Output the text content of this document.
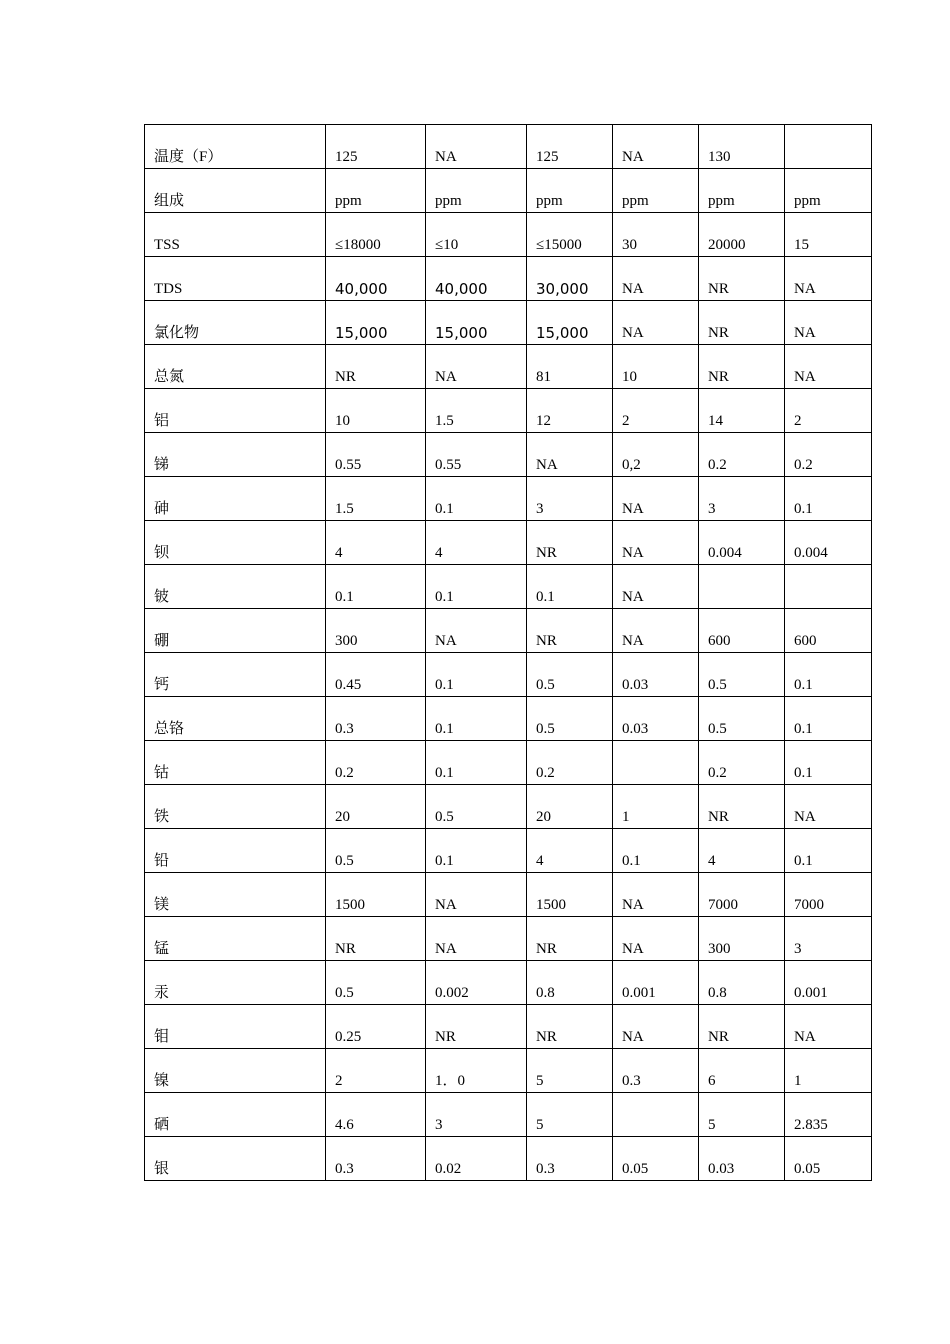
温度（F）	125	NA	125	NA	130	
组成	ppm	ppm	ppm	ppm	ppm	ppm
TSS	≤18000	≤10	≤15000	30	20000	15
TDS	40,000	40,000	30,000	NA	NR	NA
氯化物	15,000	15,000	15,000	NA	NR	NA
总氮	NR	NA	81	10	NR	NA
铝	10	1.5	12	2	14	2
锑	0.55	0.55	NA	0,2	0.2	0.2
砷	1.5	0.1	3	NA	3	0.1
钡	4	4	NR	NA	0.004	0.004
铍	0.1	0.1	0.1	NA		
硼	300	NA	NR	NA	600	600
钙	0.45	0.1	0.5	0.03	0.5	0.1
总铬	0.3	0.1	0.5	0.03	0.5	0.1
钴	0.2	0.1	0.2		0.2	0.1
铁	20	0.5	20	1	NR	NA
铅	0.5	0.1	4	0.1	4	0.1
镁	1500	NA	1500	NA	7000	7000
锰	NR	NA	NR	NA	300	3
汞	0.5	0.002	0.8	0.001	0.8	0.001
钼	0.25	NR	NR	NA	NR	NA
镍	2	1．0	5	0.3	6	1
硒	4.6	3	5		5	2.835
银	0.3	0.02	0.3	0.05	0.03	0.05
